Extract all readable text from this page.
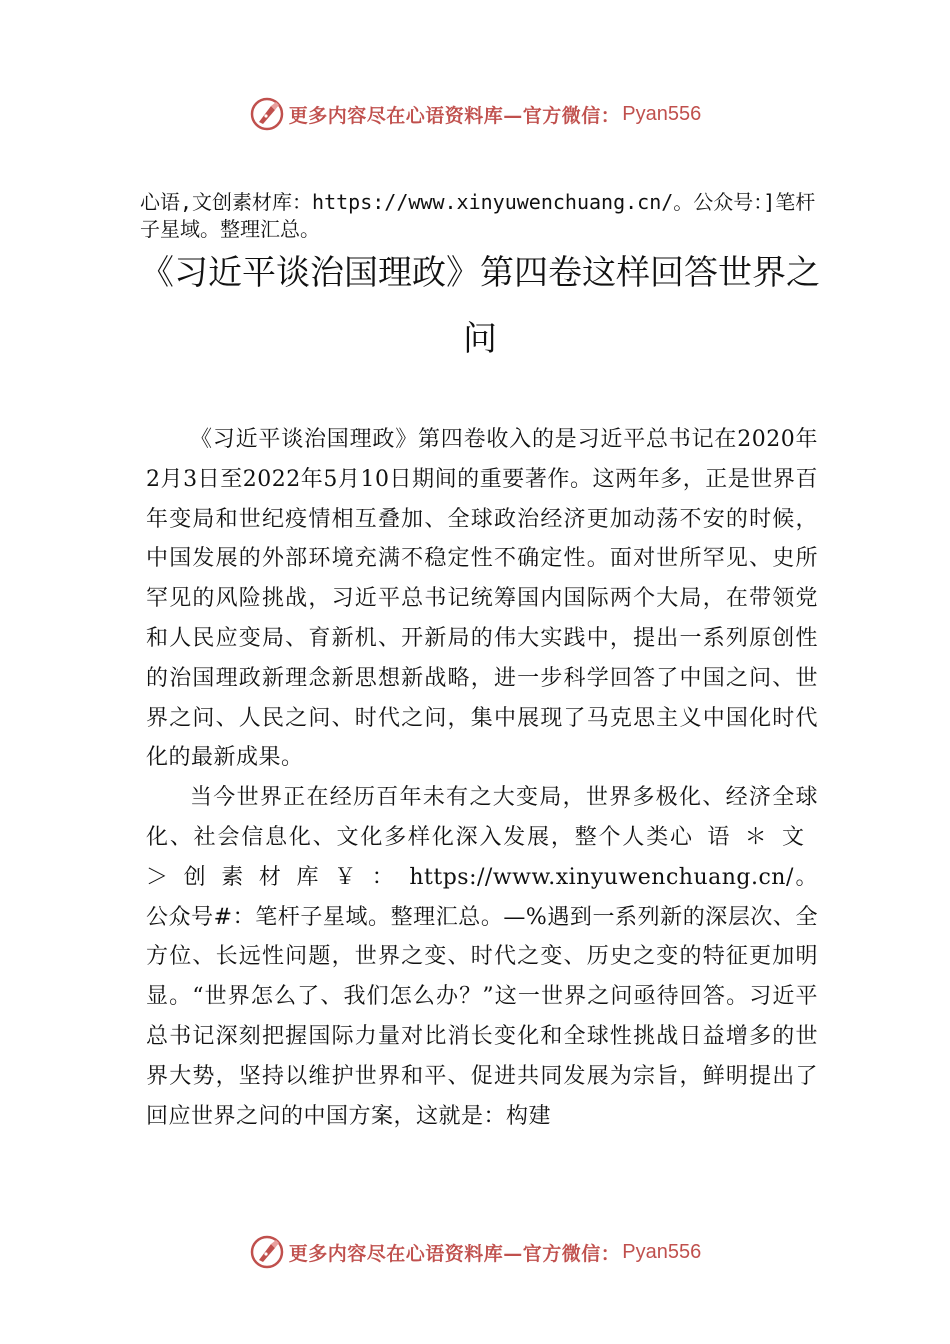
更多内容尽在心语资料库—官方微信： Pyan556

心语,文创素材库：https://www.xinyuwenchuang.cn/。公众号：]笔杆子星域。整理汇总。

《习近平谈治国理政》第四卷这样回答世界之问

《习近平谈治国理政》第四卷收入的是习近平总书记在2020年2月3日至2022年5月10日期间的重要著作。这两年多，正是世界百年变局和世纪疫情相互叠加、全球政治经济更加动荡不安的时候，中国发展的外部环境充满不稳定性不确定性。面对世所罕见、史所罕见的风险挑战，习近平总书记统筹国内国际两个大局，在带领党和人民应变局、育新机、开新局的伟大实践中，提出一系列原创性的治国理政新理念新思想新战略，进一步科学回答了中国之问、世界之问、人民之问、时代之问，集中展现了马克思主义中国化时代化的最新成果。

当今世界正在经历百年未有之大变局，世界多极化、经济全球化、社会信息化、文化多样化深入发展，整个人类心语＊文＞创素材库￥：https://www.xinyuwenchuang.cn/。公众号#：笔杆子星域。整理汇总。—%遇到一系列新的深层次、全方位、长远性问题，世界之变、时代之变、历史之变的特征更加明显。“世界怎么了、我们怎么办？”这一世界之问亟待回答。习近平总书记深刻把握国际力量对比消长变化和全球性挑战日益增多的世界大势，坚持以维护世界和平、促进共同发展为宗旨，鲜明提出了回应世界之问的中国方案，这就是：构建

更多内容尽在心语资料库—官方微信： Pyan556
